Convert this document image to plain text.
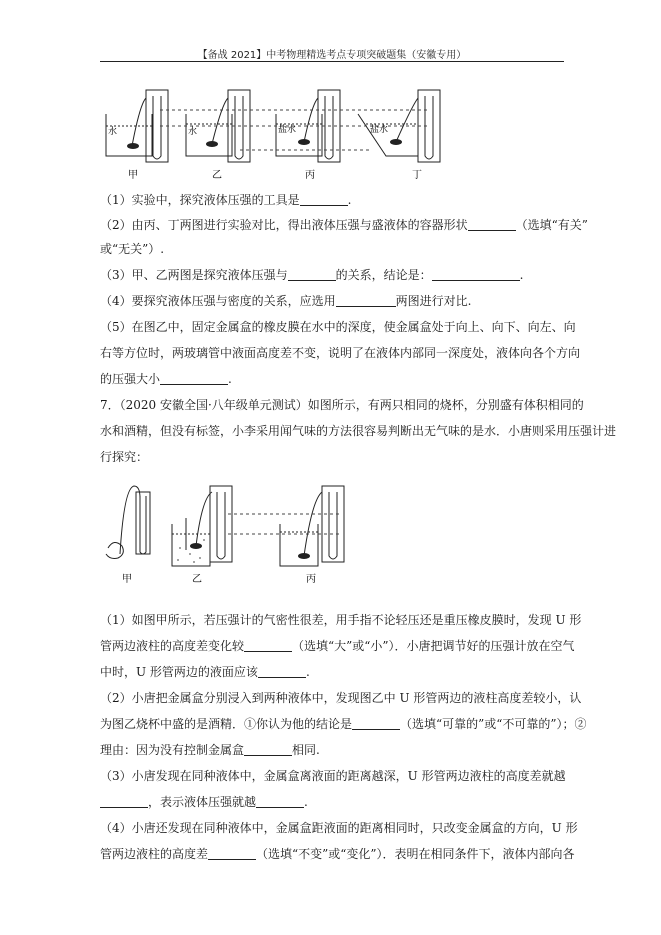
【备战 2021】中考物理精选考点专项突破题集（安徽专用）
水	水	盐水	盐水
甲	乙	丙	丁
（1）实验中，探究液体压强的工具是	.
（2）由丙、丁两图进行实验对比，得出液体压强与盛液体的容器形状	（选填“有关”
或“无关”）.
（3）甲、乙两图是探究液体压强与	的关系，结论是：	.
（4）要探究液体压强与密度的关系，应选用	两图进行对比.
（5）在图乙中，固定金属盒的橡皮膜在水中的深度，使金属盒处于向上、向下、向左、向
右等方位时，两玻璃管中液面高度差不变，说明了在液体内部同一深度处，液体向各个方向
的压强大小	.
7．（2020 安徽全国·八年级单元测试）如图所示，有两只相同的烧杯，分别盛有体积相同的
水和酒精，但没有标签，小李采用闻气味的方法很容易判断出无气味的是水．小唐则采用压强计进
行探究：
甲	乙	丙
（1）如图甲所示，若压强计的气密性很差，用手指不论轻压还是重压橡皮膜时，发现 U 形
管两边液柱的高度差变化较	（选填“大”或“小”）．小唐把调节好的压强计放在空气
中时，U 形管两边的液面应该	.
（2）小唐把金属盒分别浸入到两种液体中，发现图乙中 U 形管两边的液柱高度差较小，认
为图乙烧杯中盛的是酒精．①你认为他的结论是	（选填“可靠的”或“不可靠的”）；②
理由：因为没有控制金属盒	相同.
（3）小唐发现在同种液体中，金属盒离液面的距离越深，U 形管两边液柱的高度差就越
，表示液体压强就越	.
（4）小唐还发现在同种液体中，金属盒距液面的距离相同时，只改变金属盒的方向，U 形
管两边液柱的高度差	（选填“不变”或“变化”）．表明在相同条件下，液体内部向各
